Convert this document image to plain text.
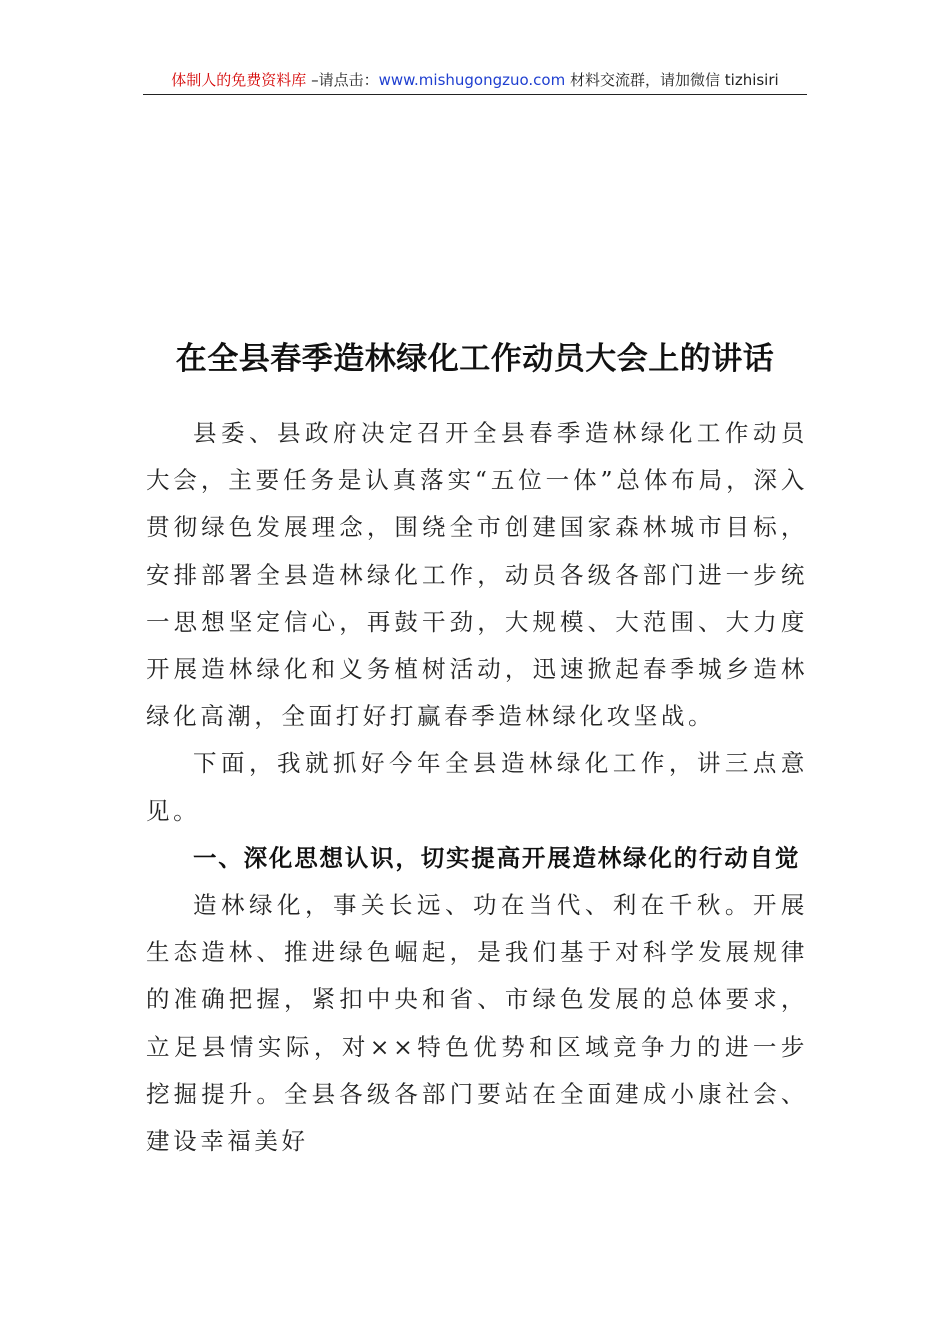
体制人的免费资料库 –请点击：www.mishugongzuo.com 材料交流群，请加微信 tizhisiri
在全县春季造林绿化工作动员大会上的讲话

县委、县政府决定召开全县春季造林绿化工作动员大会，主要任务是认真落实“五位一体”总体布局，深入贯彻绿色发展理念，围绕全市创建国家森林城市目标，安排部署全县造林绿化工作，动员各级各部门进一步统一思想坚定信心，再鼓干劲，大规模、大范围、大力度开展造林绿化和义务植树活动，迅速掀起春季城乡造林绿化高潮，全面打好打赢春季造林绿化攻坚战。

下面，我就抓好今年全县造林绿化工作，讲三点意见。

一、深化思想认识，切实提高开展造林绿化的行动自觉

造林绿化，事关长远、功在当代、利在千秋。开展生态造林、推进绿色崛起，是我们基于对科学发展规律的准确把握，紧扣中央和省、市绿色发展的总体要求，立足县情实际，对××特色优势和区域竞争力的进一步挖掘提升。全县各级各部门要站在全面建成小康社会、建设幸福美好
